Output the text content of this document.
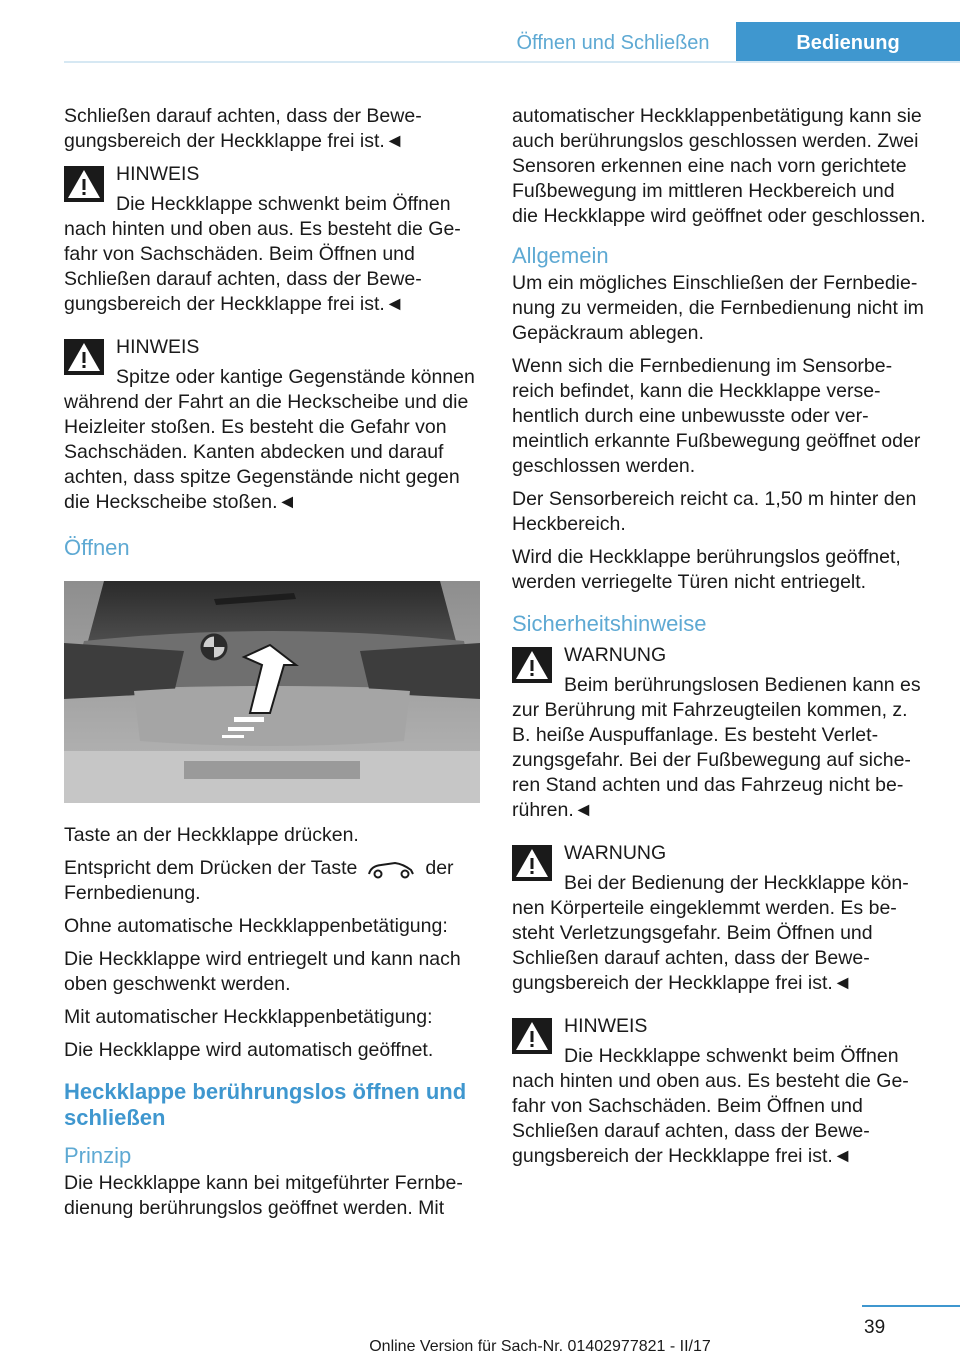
Öffnen und Schließen	Bedienung

Schließen darauf achten, dass der Bewegungsbereich der Heckklappe frei ist.◄

HINWEIS
Die Heckklappe schwenkt beim Öffnen nach hinten und oben aus. Es besteht die Gefahr von Sachschäden. Beim Öffnen und Schließen darauf achten, dass der Bewegungsbereich der Heckklappe frei ist.◄
HINWEIS
Spitze oder kantige Gegenstände können während der Fahrt an die Heckscheibe und die Heizleiter stoßen. Es besteht die Gefahr von Sachschäden. Kanten abdecken und darauf achten, dass spitze Gegenstände nicht gegen die Heckscheibe stoßen.◄
Öffnen

Taste an der Heckklappe drücken.

Entspricht dem Drücken der Taste	der Fernbedienung.

Ohne automatische Heckklappenbetätigung:

Die Heckklappe wird entriegelt und kann nach oben geschwenkt werden.

Mit automatischer Heckklappenbetätigung:

Die Heckklappe wird automatisch geöffnet.

Heckklappe berührungslos öffnen und schließen
Prinzip

Die Heckklappe kann bei mitgeführter Fernbedienung berührungslos geöffnet werden. Mit

automatischer Heckklappenbetätigung kann sie auch berührungslos geschlossen werden. Zwei Sensoren erkennen eine nach vorn gerichtete Fußbewegung im mittleren Heckbereich und die Heckklappe wird geöffnet oder geschlossen.

Allgemein

Um ein mögliches Einschließen der Fernbedienung zu vermeiden, die Fernbedienung nicht im Gepäckraum ablegen.

Wenn sich die Fernbedienung im Sensorbereich befindet, kann die Heckklappe versehentlich durch eine unbewusste oder vermeintlich erkannte Fußbewegung geöffnet oder geschlossen werden.

Der Sensorbereich reicht ca. 1,50 m hinter den Heckbereich.

Wird die Heckklappe berührungslos geöffnet, werden verriegelte Türen nicht entriegelt.

Sicherheitshinweise
WARNUNG
Beim berührungslosen Bedienen kann es zur Berührung mit Fahrzeugteilen kommen, z. B. heiße Auspuffanlage. Es besteht Verletzungsgefahr. Bei der Fußbewegung auf sicheren Stand achten und das Fahrzeug nicht berühren.◄
WARNUNG
Bei der Bedienung der Heckklappe können Körperteile eingeklemmt werden. Es besteht Verletzungsgefahr. Beim Öffnen und Schließen darauf achten, dass der Bewegungsbereich der Heckklappe frei ist.◄
HINWEIS
Die Heckklappe schwenkt beim Öffnen nach hinten und oben aus. Es besteht die Gefahr von Sachschäden. Beim Öffnen und Schließen darauf achten, dass der Bewegungsbereich der Heckklappe frei ist.◄
39
Online Version für Sach-Nr. 01402977821 - II/17
